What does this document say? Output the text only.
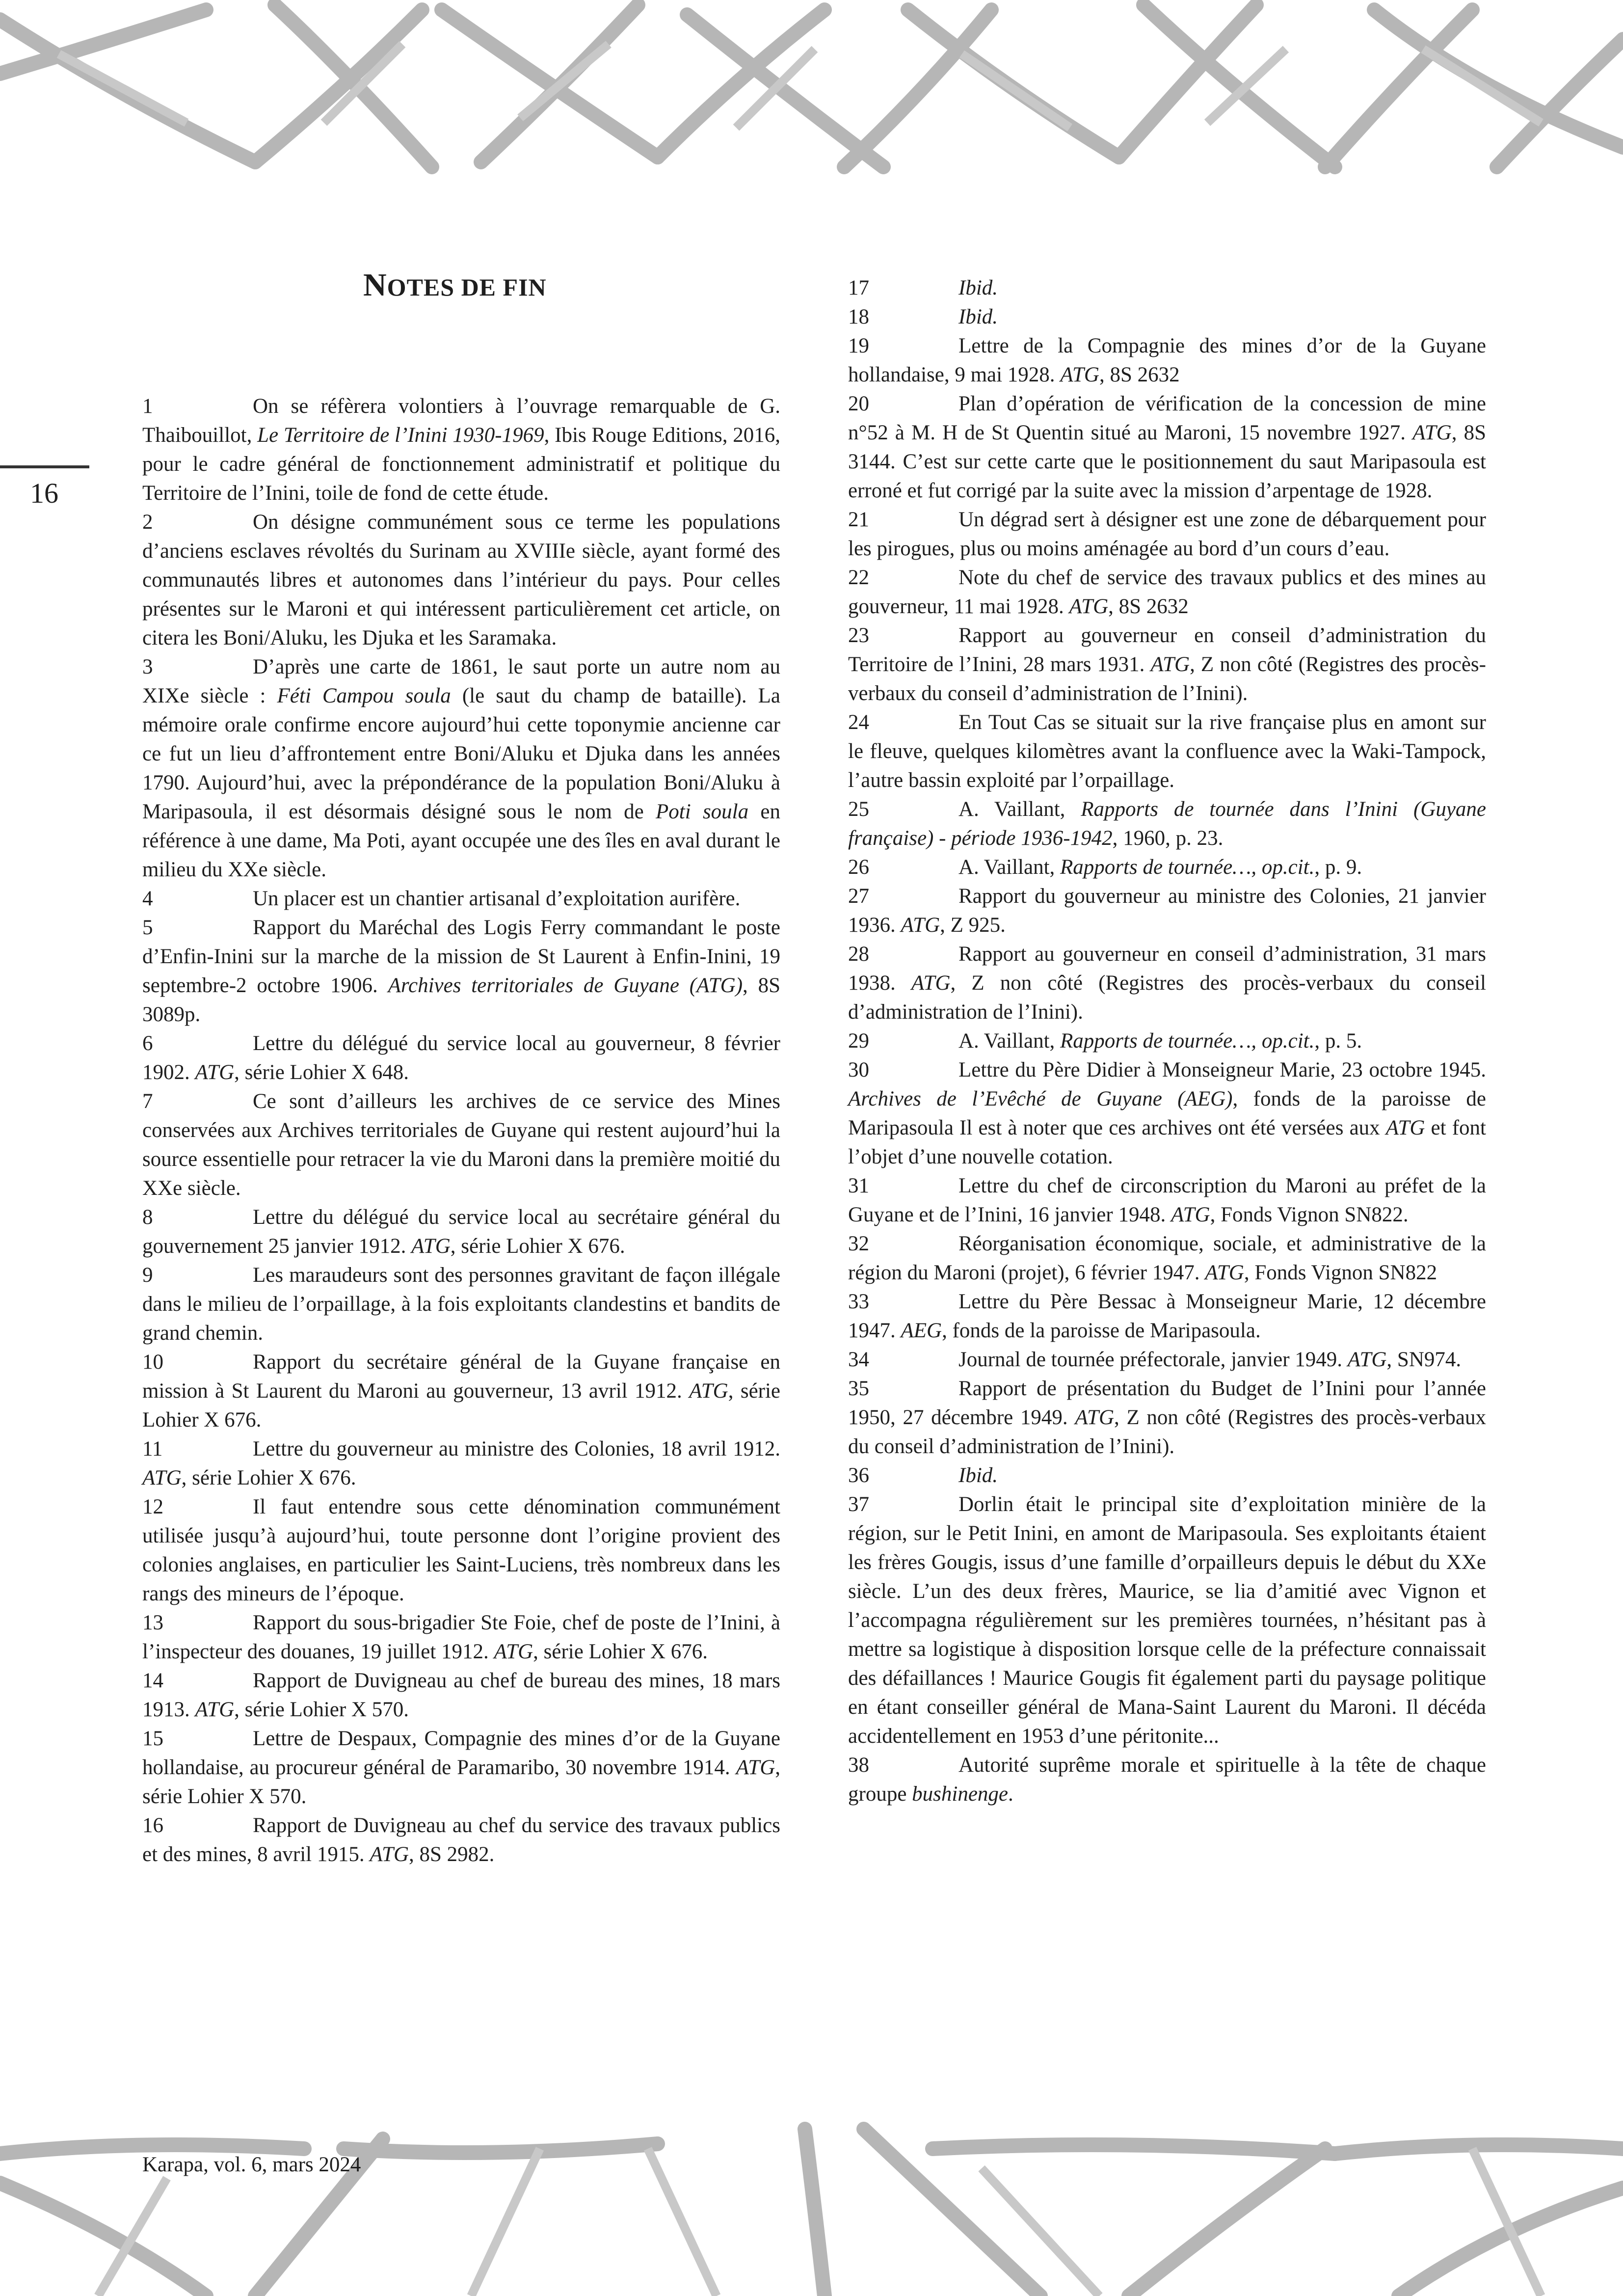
16
NOTES DE FIN

1	On se réfèrera volontiers à l’ouvrage remarquable de G. Thaibouillot, Le Territoire de l’Inini 1930-1969, Ibis Rouge Editions, 2016, pour le cadre général de fonctionnement administratif et politique du Territoire de l’Inini, toile de fond de cette étude.

2	On désigne communément sous ce terme les populations d’anciens esclaves révoltés du Surinam au XVIIIe siècle, ayant formé des communautés libres et autonomes dans l’intérieur du pays. Pour celles présentes sur le Maroni et qui intéressent particulièrement cet article, on citera les Boni/Aluku, les Djuka et les Saramaka.

3	D’après une carte de 1861, le saut porte un autre nom au XIXe siècle : Féti Campou soula (le saut du champ de bataille). La mémoire orale confirme encore aujourd’hui cette toponymie ancienne car ce fut un lieu d’affrontement entre Boni/Aluku et Djuka dans les années 1790. Aujourd’hui, avec la prépondérance de la population Boni/Aluku à Maripasoula, il est désormais désigné sous le nom de Poti soula en référence à une dame, Ma Poti, ayant occupée une des îles en aval durant le milieu du XXe siècle.

4	Un placer est un chantier artisanal d’exploitation aurifère.

5	Rapport du Maréchal des Logis Ferry commandant le poste d’Enfin-Inini sur la marche de la mission de St Laurent à Enfin-Inini, 19 septembre-2 octobre 1906. Archives territoriales de Guyane (ATG), 8S 3089p.

6	Lettre du délégué du service local au gouverneur, 8 février 1902. ATG, série Lohier X 648.

7	Ce sont d’ailleurs les archives de ce service des Mines conservées aux Archives territoriales de Guyane qui restent aujourd’hui la source essentielle pour retracer la vie du Maroni dans la première moitié du XXe siècle.

8	Lettre du délégué du service local au secrétaire général du gouvernement 25 janvier 1912. ATG, série Lohier X 676.

9	Les maraudeurs sont des personnes gravitant de façon illégale dans le milieu de l’orpaillage, à la fois exploitants clandestins et bandits de grand chemin.

10	Rapport du secrétaire général de la Guyane française en mission à St Laurent du Maroni au gouverneur, 13 avril 1912. ATG, série Lohier X 676.

11	Lettre du gouverneur au ministre des Colonies, 18 avril 1912. ATG, série Lohier X 676.

12	Il faut entendre sous cette dénomination communément utilisée jusqu’à aujourd’hui, toute personne dont l’origine provient des colonies anglaises, en particulier les Saint-Luciens, très nombreux dans les rangs des mineurs de l’époque.

13	Rapport du sous-brigadier Ste Foie, chef de poste de l’Inini, à l’inspecteur des douanes, 19 juillet 1912. ATG, série Lohier X 676.

14	Rapport de Duvigneau au chef de bureau des mines, 18 mars 1913. ATG, série Lohier X 570.

15	Lettre de Despaux, Compagnie des mines d’or de la Guyane hollandaise, au procureur général de Paramaribo, 30 novembre 1914. ATG, série Lohier X 570.

16	Rapport de Duvigneau au chef du service des travaux publics et des mines, 8 avril 1915. ATG, 8S 2982.

17	Ibid.

18	Ibid.

19	Lettre de la Compagnie des mines d’or de la Guyane hollandaise, 9 mai 1928. ATG, 8S 2632

20	Plan d’opération de vérification de la concession de mine n°52 à M. H de St Quentin situé au Maroni, 15 novembre 1927. ATG, 8S 3144. C’est sur cette carte que le positionnement du saut Maripasoula est erroné et fut corrigé par la suite avec la mission d’arpentage de 1928.

21	Un dégrad sert à désigner est une zone de débarquement pour les pirogues, plus ou moins aménagée au bord d’un cours d’eau.

22	Note du chef de service des travaux publics et des mines au gouverneur, 11 mai 1928. ATG, 8S 2632

23	Rapport au gouverneur en conseil d’administration du Territoire de l’Inini, 28 mars 1931. ATG, Z non côté (Registres des procès-verbaux du conseil d’administration de l’Inini).

24	En Tout Cas se situait sur la rive française plus en amont sur le fleuve, quelques kilomètres avant la confluence avec la Waki-Tampock, l’autre bassin exploité par l’orpaillage.

25	A. Vaillant, Rapports de tournée dans l’Inini (Guyane française) - période 1936-1942, 1960, p. 23.

26	A. Vaillant, Rapports de tournée…, op.cit., p. 9.

27	Rapport du gouverneur au ministre des Colonies, 21 janvier 1936. ATG, Z 925.

28	Rapport au gouverneur en conseil d’administration, 31 mars 1938. ATG, Z non côté (Registres des procès-verbaux du conseil d’administration de l’Inini).

29	A. Vaillant, Rapports de tournée…, op.cit., p. 5.

30	Lettre du Père Didier à Monseigneur Marie, 23 octobre 1945. Archives de l’Evêché de Guyane (AEG), fonds de la paroisse de Maripasoula Il est à noter que ces archives ont été versées aux ATG et font l’objet d’une nouvelle cotation.

31	Lettre du chef de circonscription du Maroni au préfet de la Guyane et de l’Inini, 16 janvier 1948. ATG, Fonds Vignon SN822.

32	Réorganisation économique, sociale, et administrative de la région du Maroni (projet), 6 février 1947. ATG, Fonds Vignon SN822

33	Lettre du Père Bessac à Monseigneur Marie, 12 décembre 1947. AEG, fonds de la paroisse de Maripasoula.

34	Journal de tournée préfectorale, janvier 1949. ATG, SN974.

35	Rapport de présentation du Budget de l’Inini pour l’année 1950, 27 décembre 1949. ATG, Z non côté (Registres des procès-verbaux du conseil d’administration de l’Inini).

36	Ibid.

37	Dorlin était le principal site d’exploitation minière de la région, sur le Petit Inini, en amont de Maripasoula. Ses exploitants étaient les frères Gougis, issus d’une famille d’orpailleurs depuis le début du XXe siècle. L’un des deux frères, Maurice, se lia d’amitié avec Vignon et l’accompagna régulièrement sur les premières tournées, n’hésitant pas à mettre sa logistique à disposition lorsque celle de la préfecture connaissait des défaillances ! Maurice Gougis fit également parti du paysage politique en étant conseiller général de Mana-Saint Laurent du Maroni. Il décéda accidentellement en 1953 d’une péritonite...

38	Autorité suprême morale et spirituelle à la tête de chaque groupe bushinenge.

Karapa, vol. 6, mars 2024
